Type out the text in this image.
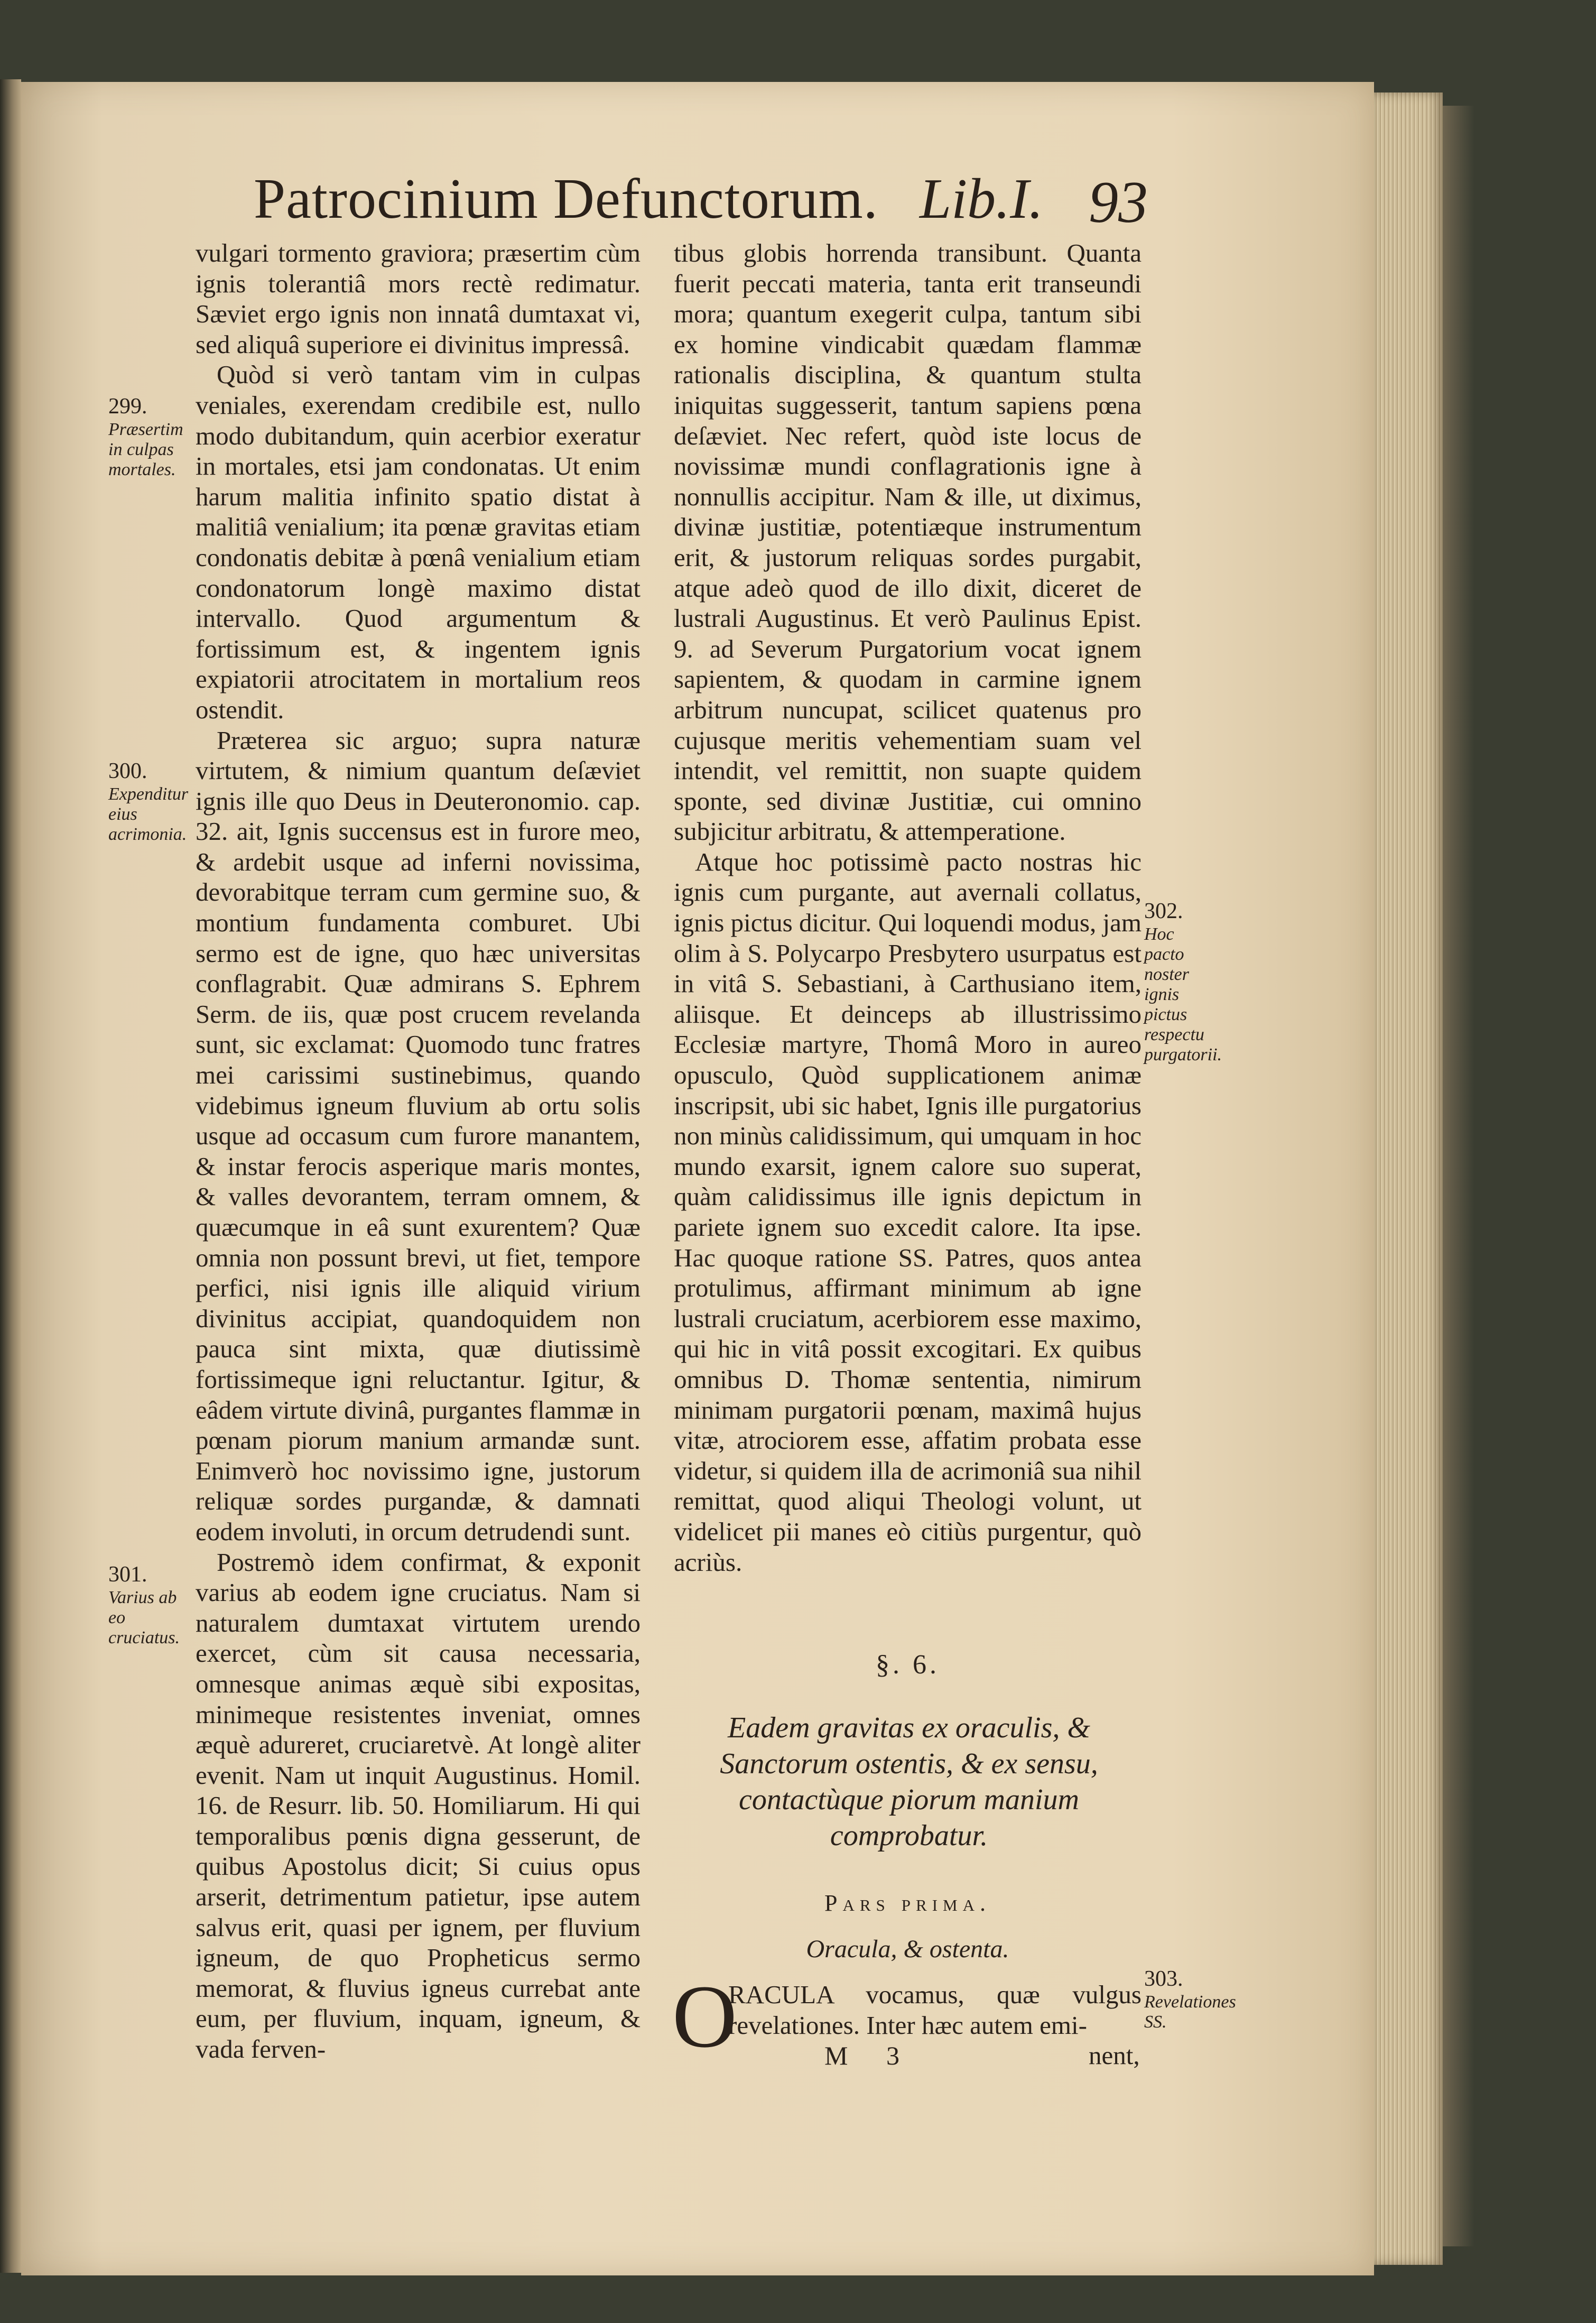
Patrocinium Defunctorum. Lib.I. 93

vulgari tormento graviora; præsertim cùm ignis tolerantiâ mors rectè redimatur. Sæviet ergo ignis non innatâ dumtaxat vi, sed aliquâ superiore ei divinitus impressâ.

Quòd si verò tantam vim in culpas veniales, exerendam credibile est, nullo modo dubitandum, quin acerbior exeratur in mortales, etsi jam condonatas. Ut enim harum malitia infinito spatio distat à malitiâ venialium; ita pœnæ gravitas etiam condonatis debitæ à pœnâ venialium etiam condonatorum longè maximo distat intervallo. Quod argumentum & fortissimum est, & ingentem ignis expiatorii atrocitatem in mortalium reos ostendit.

Præterea sic arguo; supra naturæ virtutem, & nimium quantum deſæviet ignis ille quo Deus in Deuteronomio. cap. 32. ait, Ignis succensus est in furore meo, & ardebit usque ad inferni novissima, devorabitque terram cum germine suo, & montium fundamenta comburet. Ubi sermo est de igne, quo hæc universitas conflagrabit. Quæ admirans S. Ephrem Serm. de iis, quæ post crucem revelanda sunt, sic exclamat: Quomodo tunc fratres mei carissimi sustinebimus, quando videbimus igneum fluvium ab ortu solis usque ad occasum cum furore manantem, & instar ferocis asperique maris montes, & valles devorantem, terram omnem, & quæcumque in eâ sunt exurentem? Quæ omnia non possunt brevi, ut fiet, tempore perfici, nisi ignis ille aliquid virium divinitus accipiat, quandoquidem non pauca sint mixta, quæ diutissimè fortissimeque igni reluctantur. Igitur, & eâdem virtute divinâ, purgantes flammæ in pœnam piorum manium armandæ sunt. Enimverò hoc novissimo igne, justorum reliquæ sordes purgandæ, & damnati eodem involuti, in orcum detrudendi sunt.

Postremò idem confirmat, & exponit varius ab eodem igne cruciatus. Nam si naturalem dumtaxat virtutem urendo exercet, cùm sit causa necessaria, omnesque animas æquè sibi expositas, minimeque resistentes inveniat, omnes æquè adureret, cruciaretvè. At longè aliter evenit. Nam ut inquit Augustinus. Homil. 16. de Resurr. lib. 50. Homiliarum. Hi qui temporalibus pœnis digna gesserunt, de quibus Apostolus dicit; Si cuius opus arserit, detrimentum patietur, ipse autem salvus erit, quasi per ignem, per fluvium igneum, de quo Propheticus sermo memorat, & fluvius igneus currebat ante eum, per fluvium, inquam, igneum, & vada ferven-

299.
Præsertim in culpas mortales.
300.
Expenditur eius acrimonia.
301.
Varius ab eo cruciatus.

tibus globis horrenda transibunt. Quanta fuerit peccati materia, tanta erit transeundi mora; quantum exegerit culpa, tantum sibi ex homine vindicabit quædam flammæ rationalis disciplina, & quantum stulta iniquitas suggesserit, tantum sapiens pœna deſæviet. Nec refert, quòd iste locus de novissimæ mundi conflagrationis igne à nonnullis accipitur. Nam & ille, ut diximus, divinæ justitiæ, potentiæque instrumentum erit, & justorum reliquas sordes purgabit, atque adeò quod de illo dixit, diceret de lustrali Augustinus. Et verò Paulinus Epist. 9. ad Severum Purgatorium vocat ignem sapientem, & quodam in carmine ignem arbitrum nuncupat, scilicet quatenus pro cujusque meritis vehementiam suam vel intendit, vel remittit, non suapte quidem sponte, sed divinæ Justitiæ, cui omnino subjicitur arbitratu, & attemperatione.

Atque hoc potissimè pacto nostras hic ignis cum purgante, aut avernali collatus, ignis pictus dicitur. Qui loquendi modus, jam olim à S. Polycarpo Presbytero usurpatus est in vitâ S. Sebastiani, à Carthusiano item, aliisque. Et deinceps ab illustrissimo Ecclesiæ martyre, Thomâ Moro in aureo opusculo, Quòd supplicationem animæ inscripsit, ubi sic habet, Ignis ille purgatorius non minùs calidissimum, qui umquam in hoc mundo exarsit, ignem calore suo superat, quàm calidissimus ille ignis depictum in pariete ignem suo excedit calore. Ita ipse. Hac quoque ratione SS. Patres, quos antea protulimus, affirmant minimum ab igne lustrali cruciatum, acerbiorem esse maximo, qui hic in vitâ possit excogitari. Ex quibus omnibus D. Thomæ sententia, nimirum minimam purgatorii pœnam, maximâ hujus vitæ, atrociorem esse, affatim probata esse videtur, si quidem illa de acrimoniâ sua nihil remittat, quod aliqui Theologi volunt, ut videlicet pii manes eò citiùs purgentur, quò acriùs.

302.
Hoc pacto noster ignis pictus respectu purgatorii.
303.
Revelationes SS.
§. 6.
Eadem gravitas ex oraculis, & Sanctorum ostentis, & ex sensu, contactùque piorum manium comprobatur.
Pars prima.
Oracula, & ostenta.
O
RACULA vocamus, quæ vulgus revelationes. Inter hæc autem emi-
M 3	nent,
